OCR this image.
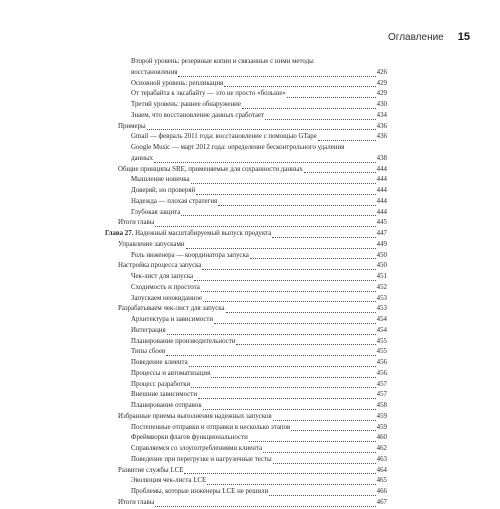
Оглавление 15
Второй уровень: резервные копии и связанные с ними методы
восстановления	426
Основной уровень: репликация	429
От терабайта к эксабайту — это не просто «больше»	429
Третий уровень: раннее обнаружение	430
Знаем, что восстановление данных сработает	434
Примеры	436
Gmail — февраль 2011 года: восстановление с помощью GTape	436
Google Music — март 2012 года: определение бесконтрольного удаления
данных	438
Общие принципы SRE, применяемые для сохранности данных	444
Мышление новичка	444
Доверяй, но проверяй	444
Надежда — плохая стратегия	444
Глубокая защита	444
Итоги главы	445
Глава 27. Надежный масштабируемый выпуск продукта	447
Управление запусками	449
Роль инженера — координатора запуска	450
Настройка процесса запуска	450
Чек-лист для запуска	451
Сходимость и простота	452
Запускаем неожиданное	453
Разрабатываем чек-лист для запуска	453
Архитектура и зависимости	454
Интеграция	454
Планирование производительности	455
Типы сбоев	455
Поведение клиента	456
Процессы и автоматизация	456
Процесс разработки	457
Внешние зависимости	457
Планирование отправок	458
Избранные приемы выполнения надежных запусков	459
Постепенные отправки и отправки в несколько этапов	459
Фреймворки флагов функциональности	460
Справляемся со злоупотреблениями клиента	462
Поведение при перегрузке и нагрузочные тесты	463
Развитие службы LCE	464
Эволюция чек-листа LCE	465
Проблемы, которые инженеры LCE не решили	466
Итоги главы	467
